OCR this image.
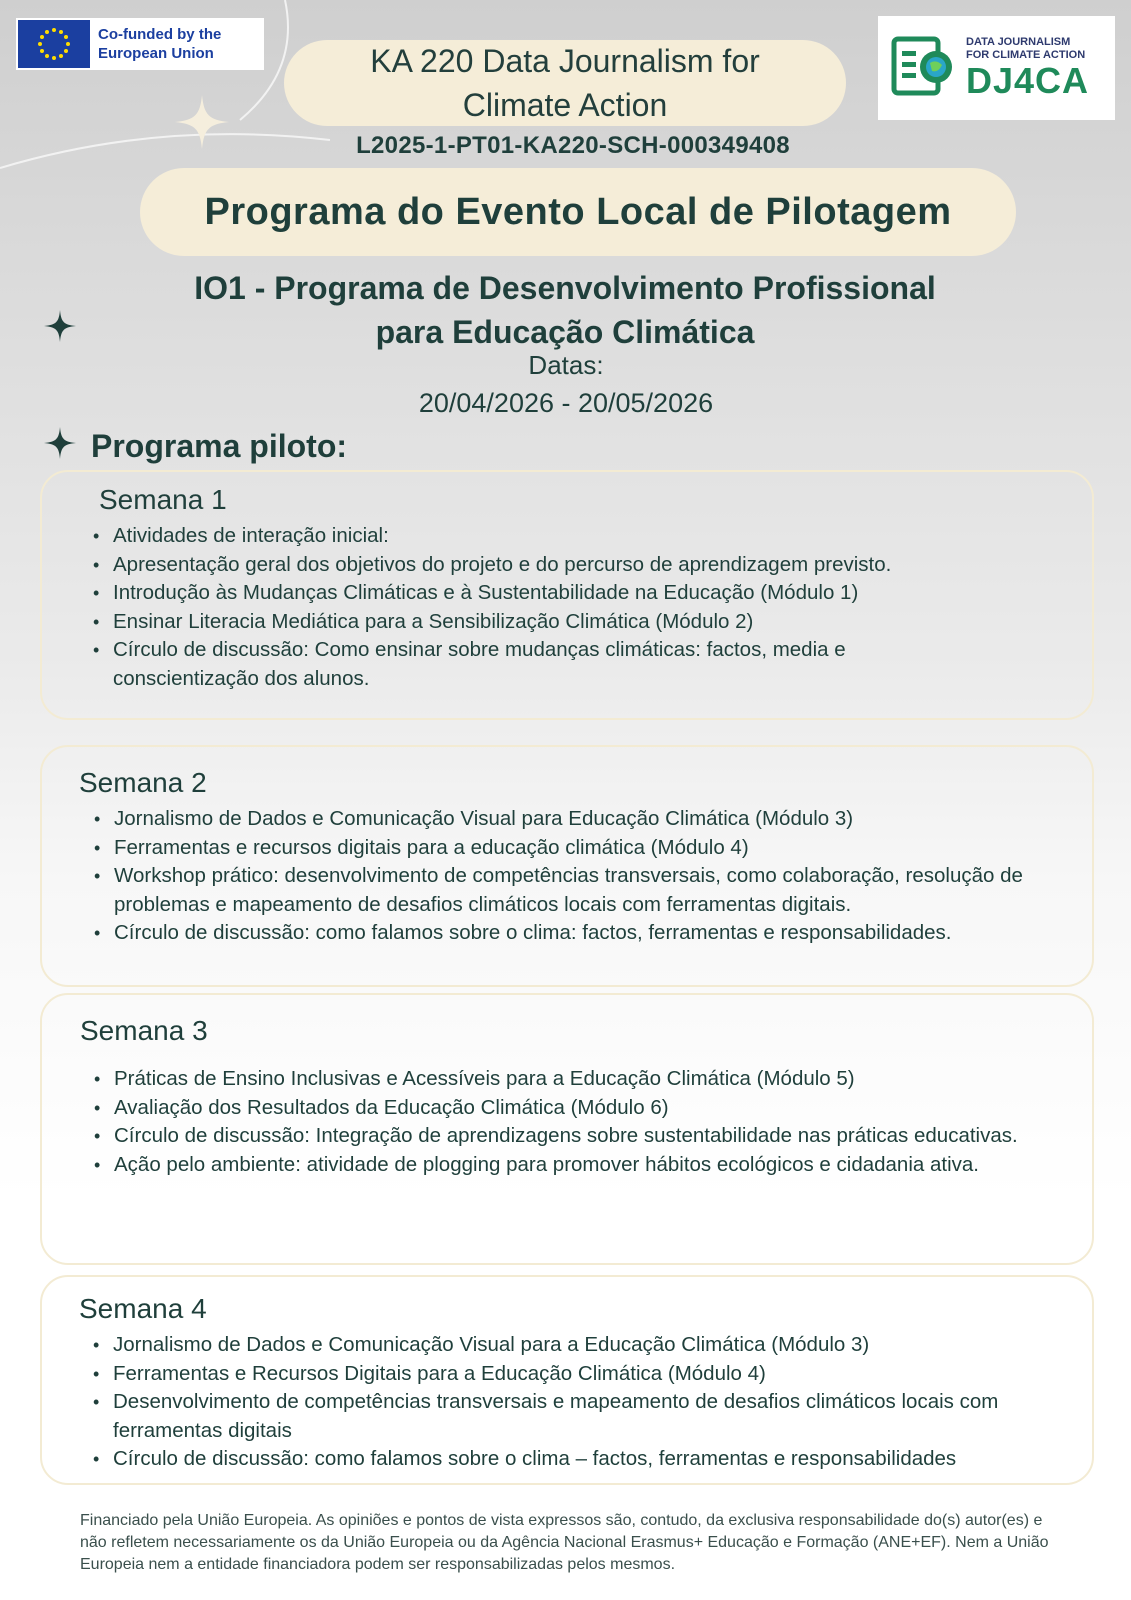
Co-funded by the European Union
DATA JOURNALISM FOR CLIMATE ACTION
DJ4CA
KA 220 Data Journalism for Climate Action
L2025-1-PT01-KA220-SCH-000349408
Programa do Evento Local de Pilotagem
IO1 - Programa de Desenvolvimento Profissional
para Educação Climática
Datas:
20/04/2026 - 20/05/2026
Programa piloto:
Semana 1
• Atividades de interação inicial:
• Apresentação geral dos objetivos do projeto e do percurso de aprendizagem previsto.
• Introdução às Mudanças Climáticas e à Sustentabilidade na Educação (Módulo 1)
• Ensinar Literacia Mediática para a Sensibilização Climática (Módulo 2)
• Círculo de discussão: Como ensinar sobre mudanças climáticas: factos, media e conscientização dos alunos.
Semana 2
• Jornalismo de Dados e Comunicação Visual para Educação Climática (Módulo 3)
• Ferramentas e recursos digitais para a educação climática (Módulo 4)
• Workshop prático: desenvolvimento de competências transversais, como colaboração, resolução de problemas e mapeamento de desafios climáticos locais com ferramentas digitais.
• Círculo de discussão: como falamos sobre o clima: factos, ferramentas e responsabilidades.
Semana 3
• Práticas de Ensino Inclusivas e Acessíveis para a Educação Climática (Módulo 5)
• Avaliação dos Resultados da Educação Climática (Módulo 6)
• Círculo de discussão: Integração de aprendizagens sobre sustentabilidade nas práticas educativas.
• Ação pelo ambiente: atividade de plogging para promover hábitos ecológicos e cidadania ativa.
Semana 4
• Jornalismo de Dados e Comunicação Visual para a Educação Climática (Módulo 3)
• Ferramentas e Recursos Digitais para a Educação Climática (Módulo 4)
• Desenvolvimento de competências transversais e mapeamento de desafios climáticos locais com ferramentas digitais
• Círculo de discussão: como falamos sobre o clima – factos, ferramentas e responsabilidades
Financiado pela União Europeia. As opiniões e pontos de vista expressos são, contudo, da exclusiva responsabilidade do(s) autor(es) e não refletem necessariamente os da União Europeia ou da Agência Nacional Erasmus+ Educação e Formação (ANE+EF). Nem a União Europeia nem a entidade financiadora podem ser responsabilizadas pelos mesmos.
